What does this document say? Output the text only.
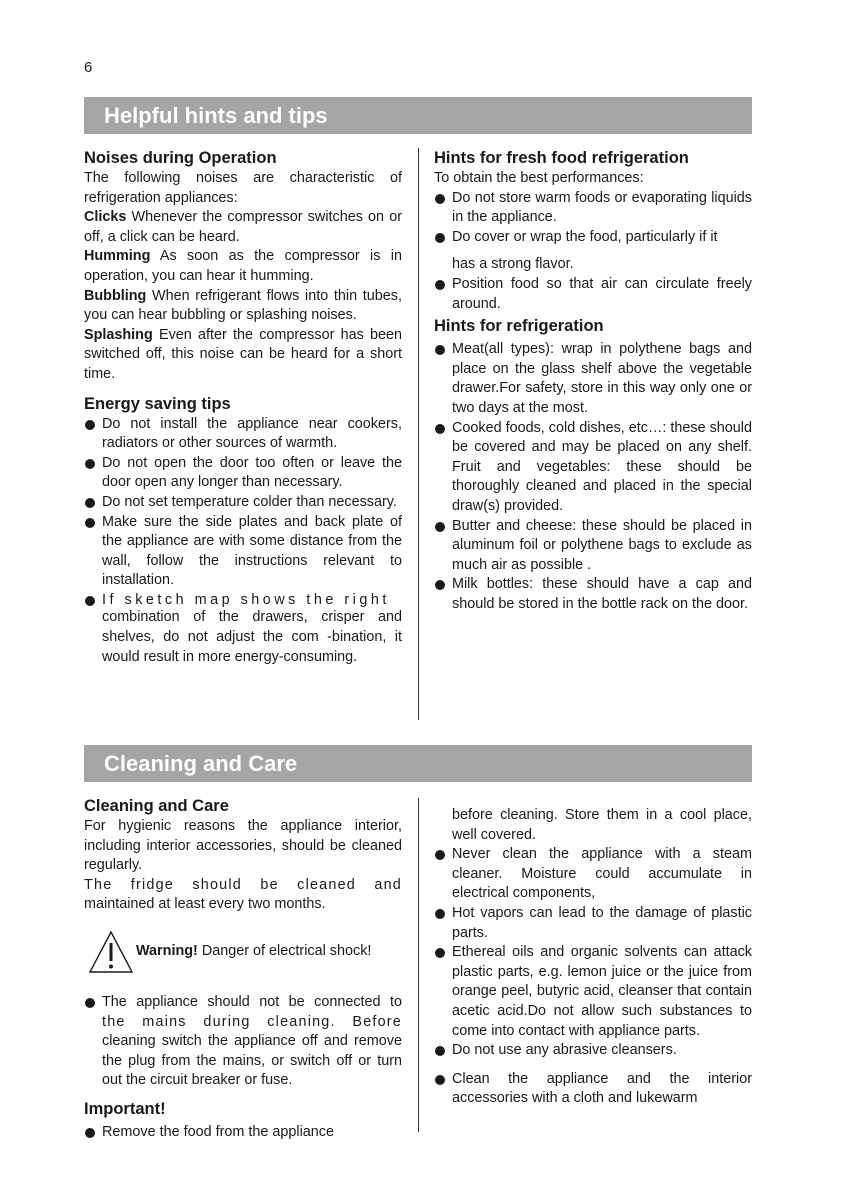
6
Helpful hints and tips

Noises during Operation

The following noises are characteristic of refrigeration appliances:

Clicks Whenever the compressor switches on or off, a click can be heard.

Humming As soon as the compressor is in operation, you can hear it humming.

Bubbling When refrigerant flows into thin tubes, you can hear bubbling or splashing noises.

Splashing Even after the compressor has been switched off, this noise can be heard for a short time.

Energy saving tips

Do not install the appliance near cookers, radiators or other sources of warmth.
Do not open the door too often or leave the door open any longer than necessary.
Do not set temperature colder than necessary.
Make sure the side plates and back plate of the appliance are with some distance from the wall, follow the instructions relevant to installation.
If sketch map shows the right
combination of the drawers, crisper and shelves, do not adjust the com -bination, it would result in more energy-consuming.

Hints for fresh food refrigeration

To obtain the best performances:

Do not store warm foods or evaporating liquids in the appliance.
Do cover or wrap the food, particularly if it
has a strong flavor.
Position food so that air can circulate freely around.

Hints for refrigeration

Meat(all types): wrap in polythene bags and place on the glass shelf above the vegetable drawer.For safety, store in this way only one or two days at the most.
Cooked foods, cold dishes, etc…: these should be covered and may be placed on any shelf. Fruit and vegetables: these should be thoroughly cleaned and placed in the special draw(s) provided.
Butter and cheese: these should be placed in aluminum foil or polythene bags to exclude as much air as possible .
Milk bottles: these should have a cap and should be stored in the bottle rack on the door.
Cleaning and Care

Cleaning and Care

For hygienic reasons the appliance interior, including interior accessories, should be cleaned regularly.

The fridge should be cleaned and

maintained at least every two months.

Warning! Danger of electrical shock!
The appliance should not be connected to
the mains during cleaning. Before
cleaning switch the appliance off and remove the plug from the mains, or switch off or turn out the circuit breaker or fuse.

Important!

Remove the food from the appliance
before cleaning. Store them in a cool place, well covered.
Never clean the appliance with a steam cleaner. Moisture could accumulate in electrical components,
Hot vapors can lead to the damage of plastic parts.
Ethereal oils and organic solvents can attack plastic parts, e.g. lemon juice or the juice from orange peel, butyric acid, cleanser that contain acetic acid.Do not allow such substances to come into contact with appliance parts.
Do not use any abrasive cleansers.
Clean the appliance and the interior accessories with a cloth and lukewarm
